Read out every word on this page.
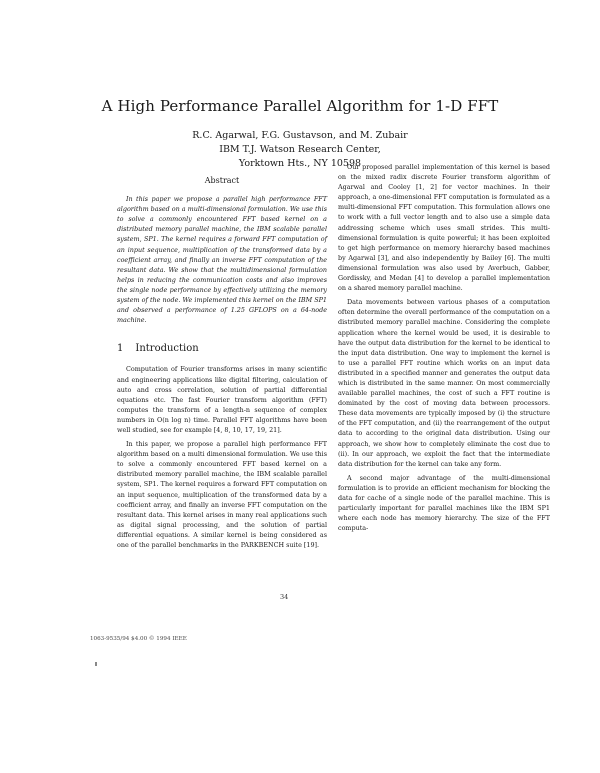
A High Performance Parallel Algorithm for 1-D FFT
R.C. Agarwal, F.G. Gustavson, and M. Zubair
IBM T.J. Watson Research Center,
Yorktown Hts., NY 10598
Abstract

In this paper we propose a parallel high performance FFT algorithm based on a multi-dimensional formulation. We use this to solve a commonly encountered FFT based kernel on a distributed memory parallel machine, the IBM scalable parallel system, SP1. The kernel requires a forward FFT computation of an input sequence, multiplication of the transformed data by a coefficient array, and finally an inverse FFT computation of the resultant data. We show that the multidimensional formulation helps in reducing the communication costs and also improves the single node performance by effectively utilizing the memory system of the node. We implemented this kernel on the IBM SP1 and observed a performance of 1.25 GFLOPS on a 64-node machine.

1 Introduction

Computation of Fourier transforms arises in many scientific and engineering applications like digital filtering, calculation of auto and cross correlation, solution of partial differential equations etc. The fast Fourier transform algorithm (FFT) computes the transform of a length-n sequence of complex numbers in O(n log n) time. Parallel FFT algorithms have been well studied, see for example [4, 8, 10, 17, 19, 21].

In this paper, we propose a parallel high performance FFT algorithm based on a multi dimensional formulation. We use this to solve a commonly encountered FFT based kernel on a distributed memory parallel machine, the IBM scalable parallel system, SP1. The kernel requires a forward FFT computation on an input sequence, multiplication of the transformed data by a coefficient array, and finally an inverse FFT computation on the resultant data. This kernel arises in many real applications such as digital signal processing, and the solution of partial differential equations. A similar kernel is being considered as one of the parallel benchmarks in the PARKBENCH suite [19].

Our proposed parallel implementation of this kernel is based on the mixed radix discrete Fourier transform algorithm of Agarwal and Cooley [1, 2] for vector machines. In their approach, a one-dimensional FFT computation is formulated as a multi-dimensional FFT computation. This formulation allows one to work with a full vector length and to also use a simple data addressing scheme which uses small strides. This multi-dimensional formulation is quite powerful; it has been exploited to get high performance on memory hierarchy based machines by Agarwal [3], and also independently by Bailey [6]. The multi dimensional formulation was also used by Averbuch, Gabber, Gordissky, and Medan [4] to develop a parallel implementation on a shared memory parallel machine.

Data movements between various phases of a computation often determine the overall performance of the computation on a distributed memory parallel machine. Considering the complete application where the kernel would be used, it is desirable to have the output data distribution for the kernel to be identical to the input data distribution. One way to implement the kernel is to use a parallel FFT routine which works on an input data distributed in a specified manner and generates the output data which is distributed in the same manner. On most commercially available parallel machines, the cost of such a FFT routine is dominated by the cost of moving data between processors. These data movements are typically imposed by (i) the structure of the FFT computation, and (ii) the rearrangement of the output data to according to the original data distribution. Using our approach, we show how to completely eliminate the cost due to (ii). In our approach, we exploit the fact that the intermediate data distribution for the kernel can take any form.

A second major advantage of the multi-dimensional formulation is to provide an efficient mechanism for blocking the data for cache of a single node of the parallel machine. This is particularly important for parallel machines like the IBM SP1 where each node has memory hierarchy. The size of the FFT computa-

34
1063-9535/94 $4.00 © 1994 IEEE
